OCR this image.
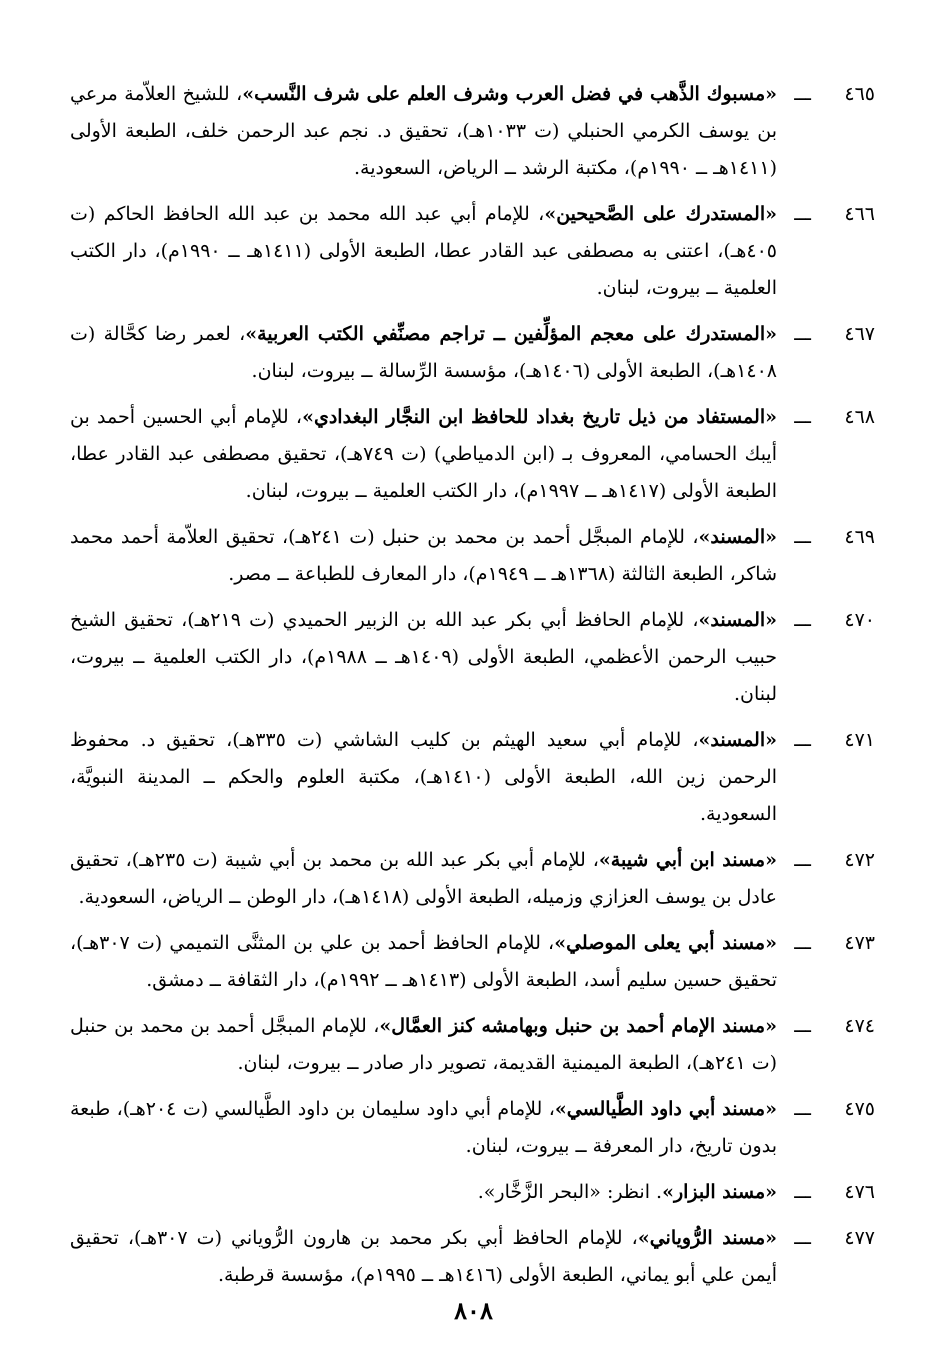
٤٦٥
ـــ
«مسبوك الذَّهب في فضل العرب وشرف العلم على شرف النَّسب»، للشيخ العلاّمة مرعي بن يوسف الكرمي الحنبلي (ت ١٠٣٣هـ)، تحقيق د. نجم عبد الرحمن خلف، الطبعة الأولى (١٤١١هـ ــ ١٩٩٠م)، مكتبة الرشد ــ الرياض، السعودية.
٤٦٦
ـــ
«المستدرك على الصَّحيحين»، للإمام أبي عبد الله محمد بن عبد الله الحافظ الحاكم (ت ٤٠٥هـ)، اعتنى به مصطفى عبد القادر عطا، الطبعة الأولى (١٤١١هـ ــ ١٩٩٠م)، دار الكتب العلمية ــ بيروت، لبنان.
٤٦٧
ـــ
«المستدرك على معجم المؤلِّفين ــ تراجم مصنِّفي الكتب العربية»، لعمر رضا كحَّالة (ت ١٤٠٨هـ)، الطبعة الأولى (١٤٠٦هـ)، مؤسسة الرِّسالة ــ بيروت، لبنان.
٤٦٨
ـــ
«المستفاد من ذيل تاريخ بغداد للحافظ ابن النجَّار البغدادي»، للإمام أبي الحسين أحمد بن أيبك الحسامي، المعروف بـ (ابن الدمياطي) (ت ٧٤٩هـ)، تحقيق مصطفى عبد القادر عطا، الطبعة الأولى (١٤١٧هـ ــ ١٩٩٧م)، دار الكتب العلمية ــ بيروت، لبنان.
٤٦٩
ـــ
«المسند»، للإمام المبجَّل أحمد بن محمد بن حنبل (ت ٢٤١هـ)، تحقيق العلاّمة أحمد محمد شاكر، الطبعة الثالثة (١٣٦٨هـ ــ ١٩٤٩م)، دار المعارف للطباعة ــ مصر.
٤٧٠
ـــ
«المسند»، للإمام الحافظ أبي بكر عبد الله بن الزبير الحميدي (ت ٢١٩هـ)، تحقيق الشيخ حبيب الرحمن الأعظمي، الطبعة الأولى (١٤٠٩هـ ــ ١٩٨٨م)، دار الكتب العلمية ــ بيروت، لبنان.
٤٧١
ـــ
«المسند»، للإمام أبي سعيد الهيثم بن كليب الشاشي (ت ٣٣٥هـ)، تحقيق د. محفوظ الرحمن زين الله، الطبعة الأولى (١٤١٠هـ)، مكتبة العلوم والحكم ــ المدينة النبويَّة، السعودية.
٤٧٢
ـــ
«مسند ابن أبي شيبة»، للإمام أبي بكر عبد الله بن محمد بن أبي شيبة (ت ٢٣٥هـ)، تحقيق عادل بن يوسف العزازي وزميله، الطبعة الأولى (١٤١٨هـ)، دار الوطن ــ الرياض، السعودية.
٤٧٣
ـــ
«مسند أبي يعلى الموصلي»، للإمام الحافظ أحمد بن علي بن المثنَّى التميمي (ت ٣٠٧هـ)، تحقيق حسين سليم أسد، الطبعة الأولى (١٤١٣هـ ــ ١٩٩٢م)، دار الثقافة ــ دمشق.
٤٧٤
ـــ
«مسند الإمام أحمد بن حنبل وبهامشه كنز العمَّال»، للإمام المبجَّل أحمد بن محمد بن حنبل (ت ٢٤١هـ)، الطبعة الميمنية القديمة، تصوير دار صادر ــ بيروت، لبنان.
٤٧٥
ـــ
«مسند أبي داود الطَّيالسي»، للإمام أبي داود سليمان بن داود الطَّيالسي (ت ٢٠٤هـ)، طبعة بدون تاريخ، دار المعرفة ــ بيروت، لبنان.
٤٧٦
ـــ
«مسند البزار». انظر: «البحر الزَّخَّار».
٤٧٧
ـــ
«مسند الرُّوياني»، للإمام الحافظ أبي بكر محمد بن هارون الرُّوياني (ت ٣٠٧هـ)، تحقيق أيمن علي أبو يماني، الطبعة الأولى (١٤١٦هـ ــ ١٩٩٥م)، مؤسسة قرطبة.
٨٠٨
